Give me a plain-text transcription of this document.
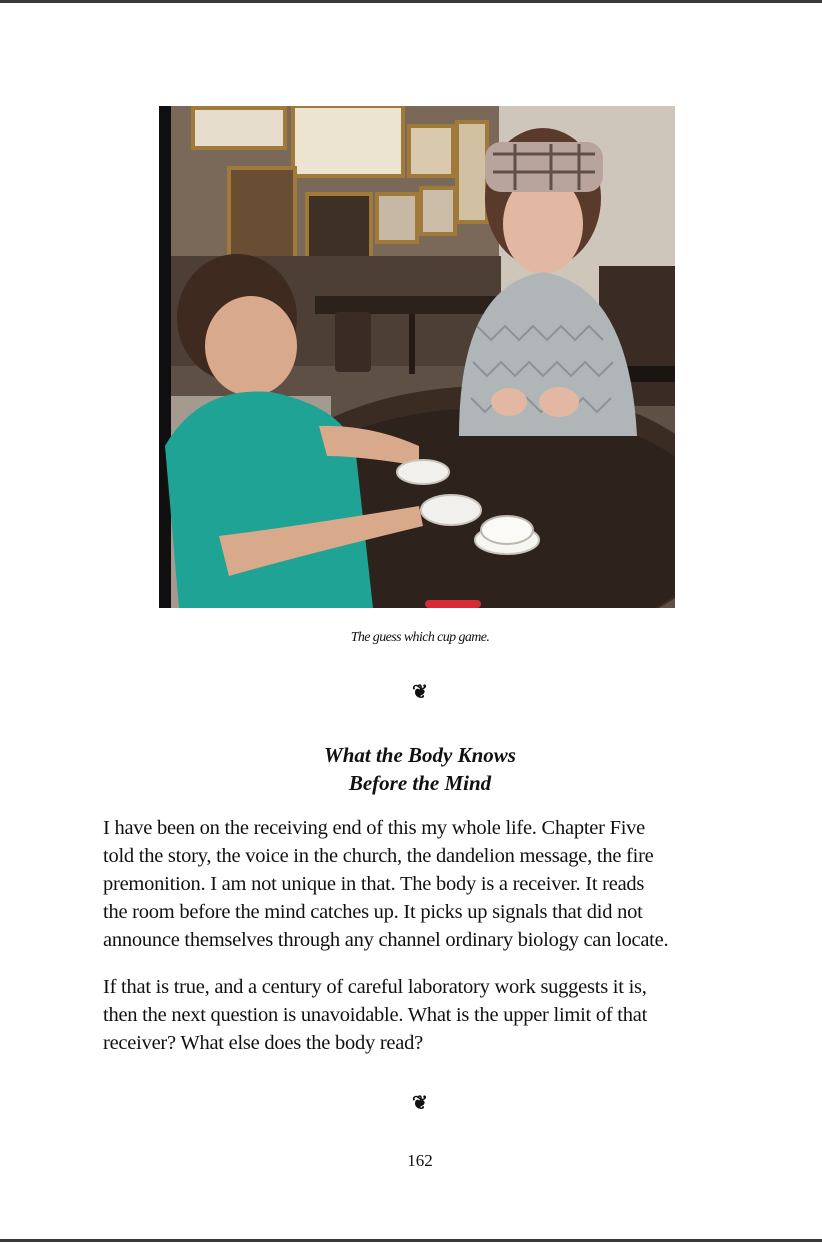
The guess which cup game.
❦
What the Body Knows
Before the Mind

I have been on the receiving end of this my whole life. Chapter Five
told the story, the voice in the church, the dandelion message, the fire
premonition. I am not unique in that. The body is a receiver. It reads
the room before the mind catches up. It picks up signals that did not
announce themselves through any channel ordinary biology can locate.

If that is true, and a century of careful laboratory work suggests it is,
then the next question is unavoidable. What is the upper limit of that
receiver? What else does the body read?

❦
162
